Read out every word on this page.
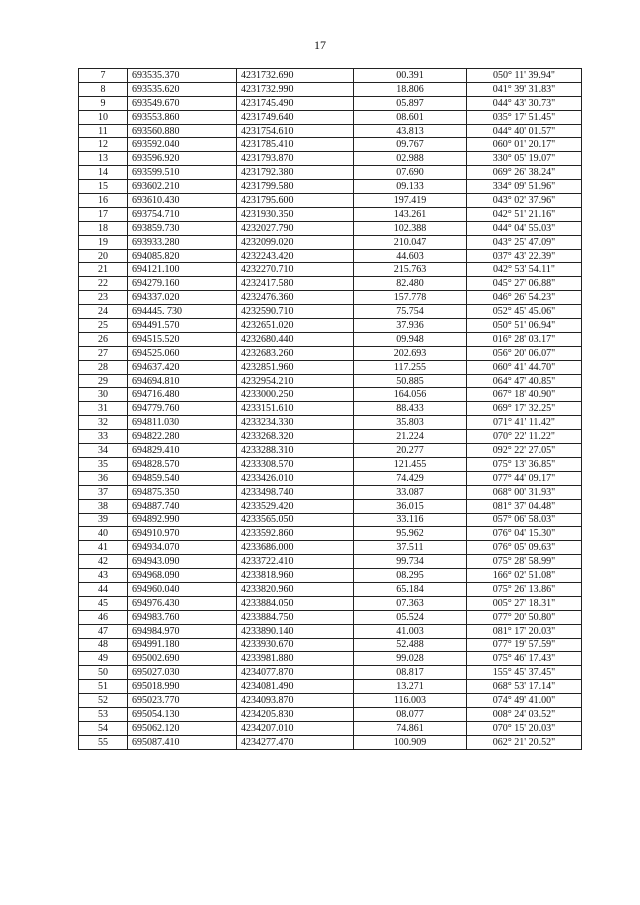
17
7	693535.370	4231732.690	00.391	050° 11' 39.94"
8	693535.620	4231732.990	18.806	041° 39' 31.83"
9	693549.670	4231745.490	05.897	044° 43' 30.73"
10	693553.860	4231749.640	08.601	035° 17' 51.45"
11	693560.880	4231754.610	43.813	044° 40' 01.57"
12	693592.040	4231785.410	09.767	060° 01' 20.17"
13	693596.920	4231793.870	02.988	330° 05' 19.07"
14	693599.510	4231792.380	07.690	069° 26' 38.24"
15	693602.210	4231799.580	09.133	334° 09' 51.96"
16	693610.430	4231795.600	197.419	043° 02' 37.96"
17	693754.710	4231930.350	143.261	042° 51' 21.16"
18	693859.730	4232027.790	102.388	044° 04' 55.03"
19	693933.280	4232099.020	210.047	043° 25' 47.09"
20	694085.820	4232243.420	44.603	037° 43' 22.39"
21	694121.100	4232270.710	215.763	042° 53' 54.11"
22	694279.160	4232417.580	82.480	045° 27' 06.88"
23	694337.020	4232476.360	157.778	046° 26' 54.23"
24	694445. 730	4232590.710	75.754	052° 45' 45.06"
25	694491.570	4232651.020	37.936	050° 51' 06.94"
26	694515.520	4232680.440	09.948	016° 28' 03.17"
27	694525.060	4232683.260	202.693	056° 20' 06.07"
28	694637.420	4232851.960	117.255	060° 41' 44.70"
29	694694.810	4232954.210	50.885	064° 47' 40.85"
30	694716.480	4233000.250	164.056	067° 18' 40.90"
31	694779.760	4233151.610	88.433	069° 17' 32.25"
32	694811.030	4233234.330	35.803	071° 41' 11.42"
33	694822.280	4233268.320	21.224	070° 22' 11.22"
34	694829.410	4233288.310	20.277	092° 22' 27.05"
35	694828.570	4233308.570	121.455	075° 13' 36.85"
36	694859.540	4233426.010	74.429	077° 44' 09.17"
37	694875.350	4233498.740	33.087	068° 00' 31.93"
38	694887.740	4233529.420	36.015	081° 37' 04.48"
39	694892.990	4233565.050	33.116	057° 06' 58.03"
40	694910.970	4233592.860	95.962	076° 04' 15.30"
41	694934.070	4233686.000	37.511	076° 05' 09.63"
42	694943.090	4233722.410	99.734	075° 28' 58.99"
43	694968.090	4233818.960	08.295	166° 02' 51.08"
44	694960.040	4233820.960	65.184	075° 26' 13.86"
45	694976.430	4233884.050	07.363	005° 27' 18.31"
46	694983.760	4233884.750	05.524	077° 20' 50.80"
47	694984.970	4233890.140	41.003	081° 17' 20.03"
48	694991.180	4233930.670	52.488	077° 19' 57.59"
49	695002.690	4233981.880	99.028	075° 46' 17.43"
50	695027.030	4234077.870	08.817	155° 45' 37.45"
51	695018.990	4234081.490	13.271	068° 53' 17.14"
52	695023.770	4234093.870	116.003	074° 49' 41.00"
53	695054.130	4234205.830	08.077	008° 24' 03.52"
54	695062.120	4234207.010	74.861	070° 15' 20.03"
55	695087.410	4234277.470	100.909	062° 21' 20.52"
